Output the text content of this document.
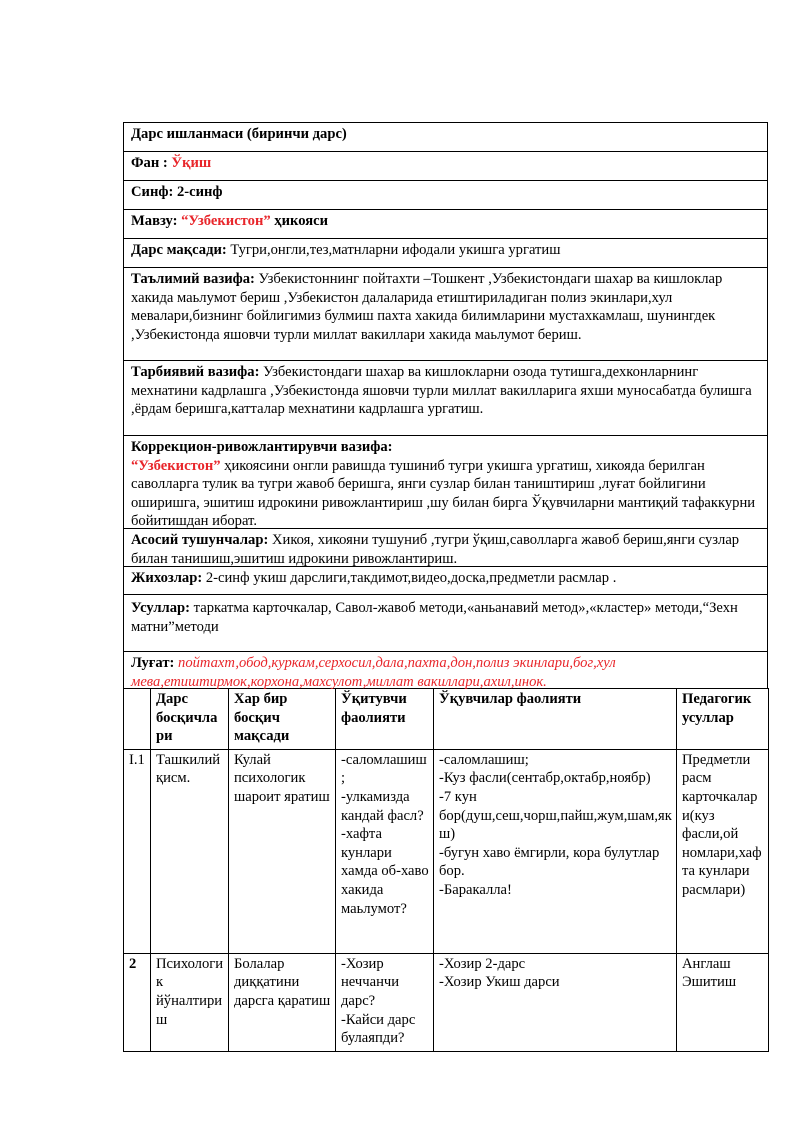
Дарс ишланмаси (биринчи дарс)
Фан : Ўқиш
Синф: 2-синф
Мавзу: “Узбекистон” ҳикояси
Дарс мақсади: Тугри,онгли,тез,матнларни ифодали укишга ургатиш
Таълимий вазифа: Узбекистоннинг пойтахти –Тошкент ,Узбекистондаги шахар ва кишлоклар хакида маьлумот бериш ,Узбекистон далаларида етиштириладиган полиз экинлари,хул мевалари,бизнинг бойлигимиз булмиш пахта хакида билимларини мустахкамлаш, шунингдек ,Узбекистонда яшовчи турли миллат вакиллари хакида маьлумот бериш.
Тарбиявий вазифа: Узбекистондаги шахар ва кишлокларни озода тутишга,дехконларнинг мехнатини кадрлашга ,Узбекистонда яшовчи турли миллат вакилларига яхши муносабатда булишга ,ёрдам беришга,катталар мехнатини кадрлашга ургатиш.
Коррекцион-ривожлантирувчи вазифа:
“Узбекистон” ҳикоясини онгли равишда тушиниб тугри укишга ургатиш, хикояда берилган саволларга тулик ва тугри жавоб беришга, янги сузлар билан таништириш ,луғат бойлигини оширишга, эшитиш идрокини ривожлантириш ,шу билан бирга Ўқувчиларни мантиқий тафаккурни бойитишдан иборат.
Асосий тушунчалар: Хикоя, хикояни тушуниб ,тугри ўқиш,саволларга жавоб бериш,янги сузлар билан танишиш,эшитиш идрокини ривожлантириш.
Жихозлар: 2-синф укиш дарслиги,такдимот,видео,доска,предметли расмлар .
Усуллар: таркатма карточкалар, Савол-жавоб методи,«аньанавий метод»,«кластер» методи,“Зехн матни”методи
Луғат: пойтахт,обод,куркам,серхосил,дала,пахта,дон,полиз экинлари,бог,хул мева,етиштирмок,корхона,махсулот,миллат вакиллари,ахил,инок.
	Дарс босқичлари	Хар бир босқич мақсади	Ўқитувчи фаолияти	Ўқувчилар фаолияти	Педагогик усуллар
I.1	Ташкилий қисм.	Кулай психологик шароит яратиш	-саломлашиш;
-улкамизда кандай фасл?
-хафта кунлари хамда об-хаво хакида маьлумот?	-саломлашиш;
-Куз фасли(сентабр,октабр,ноябр)
-7 кун бор(душ,сеш,чорш,пайш,жум,шам,якш)
-бугун хаво ёмгирли, кора булутлар бор.
-Баракалла!	Предметли расм карточкалари(куз фасли,ой номлари,хафта кунлари расмлари)
2	Психологик йўналтириш	Болалар диққатини дарсга қаратиш	-Хозир неччанчи дарс?
-Кайси дарс булаяпди?	-Хозир 2-дарс
-Хозир Укиш дарси	Англаш Эшитиш
